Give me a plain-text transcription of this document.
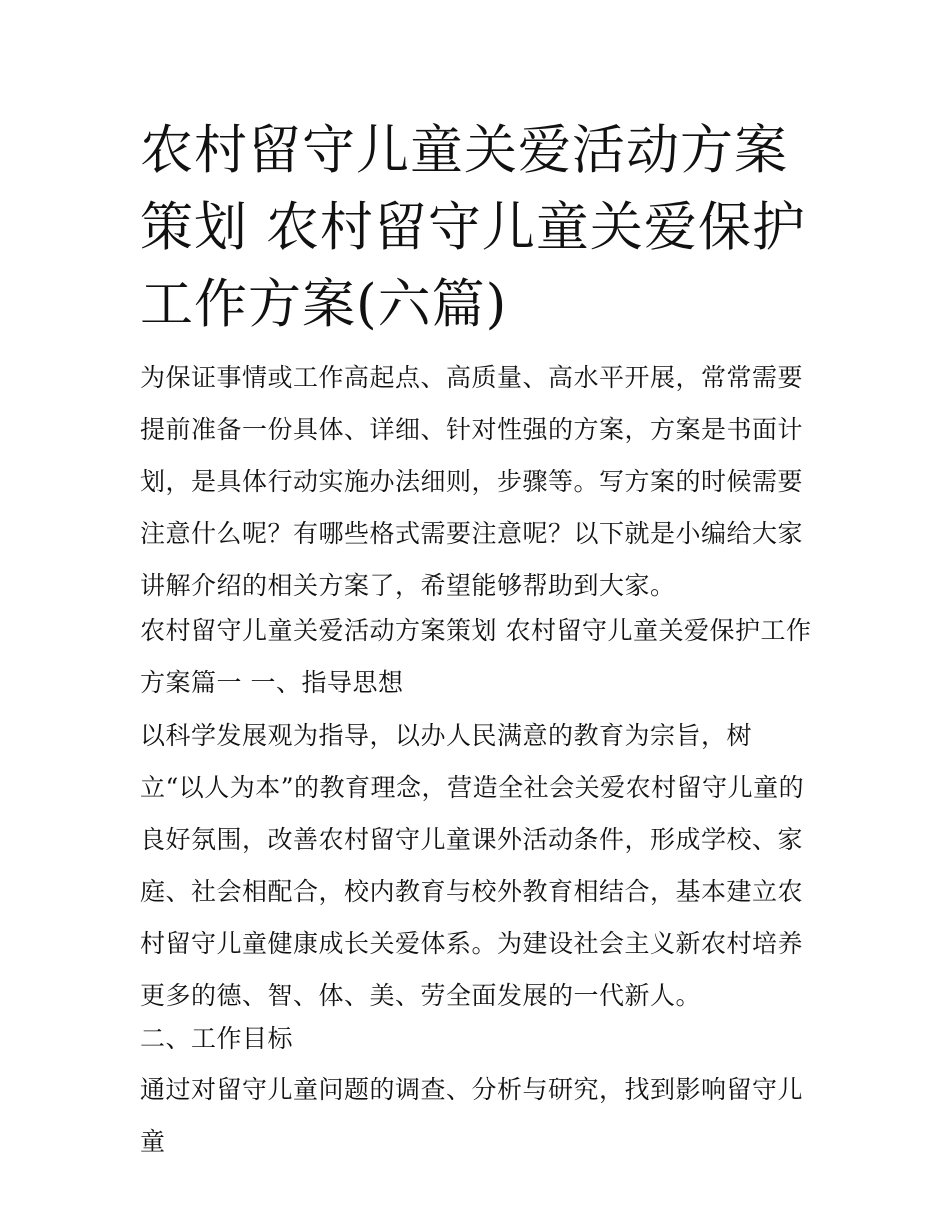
农村留守儿童关爱活动方案策划 农村留守儿童关爱保护工作方案(六篇)

为保证事情或工作高起点、高质量、高水平开展，常常需要提前准备一份具体、详细、针对性强的方案，方案是书面计划，是具体行动实施办法细则，步骤等。写方案的时候需要注意什么呢？有哪些格式需要注意呢？以下就是小编给大家讲解介绍的相关方案了，希望能够帮助到大家。

农村留守儿童关爱活动方案策划 农村留守儿童关爱保护工作方案篇一 一、指导思想

以科学发展观为指导，以办人民满意的教育为宗旨，树立“以人为本”的教育理念，营造全社会关爱农村留守儿童的良好氛围，改善农村留守儿童课外活动条件，形成学校、家庭、社会相配合，校内教育与校外教育相结合，基本建立农村留守儿童健康成长关爱体系。为建设社会主义新农村培养更多的德、智、体、美、劳全面发展的一代新人。

二、工作目标

通过对留守儿童问题的调查、分析与研究，找到影响留守儿童
